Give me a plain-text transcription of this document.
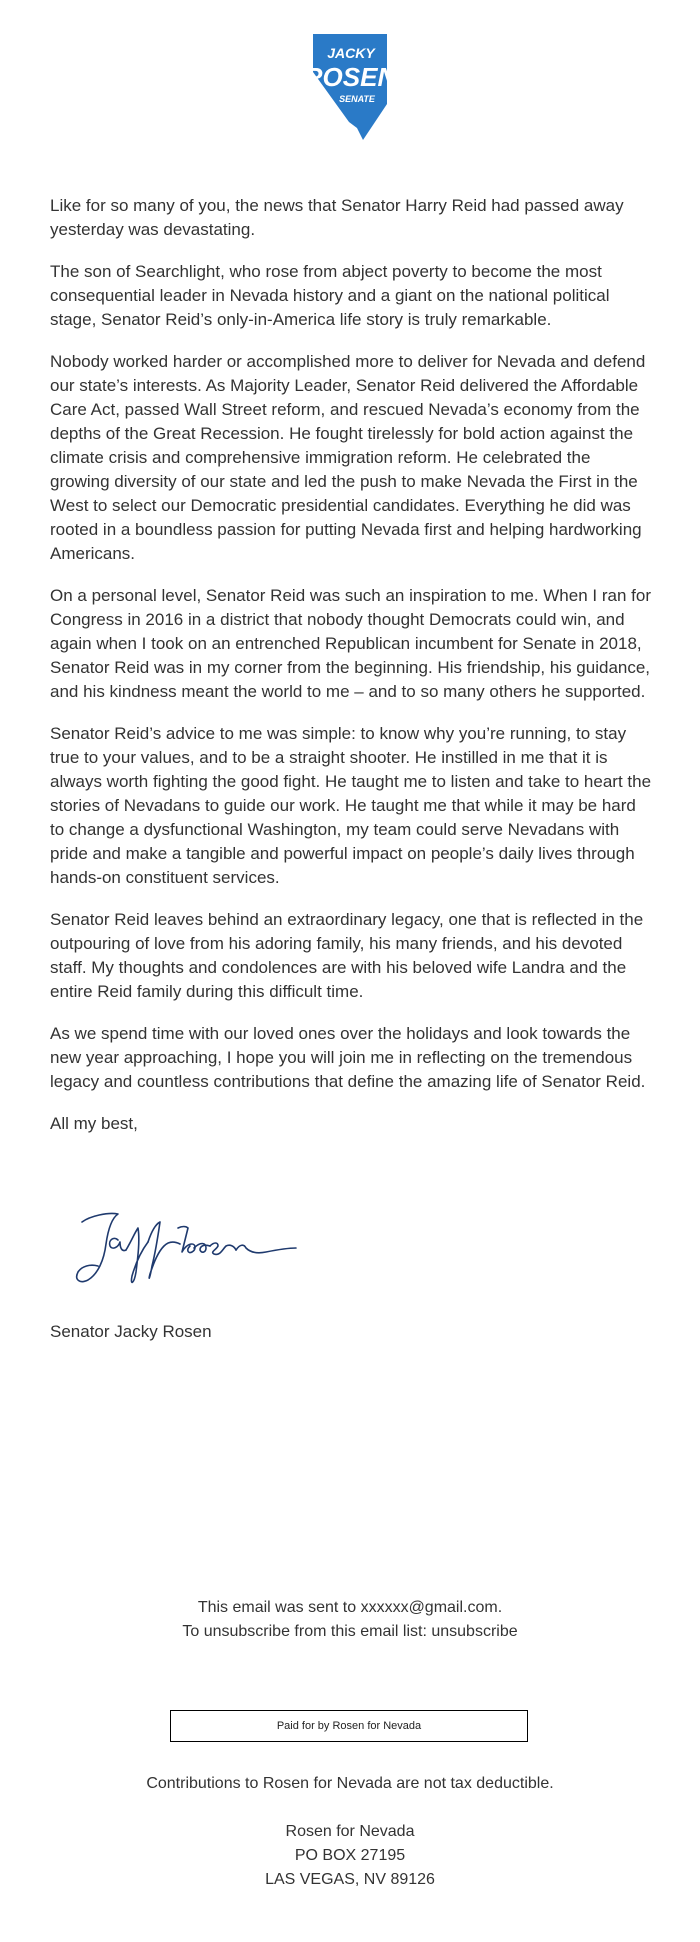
JACKY
ROSEN
SENATE

Like for so many of you, the news that Senator Harry Reid had passed away yesterday was devastating.

The son of Searchlight, who rose from abject poverty to become the most consequential leader in Nevada history and a giant on the national political stage, Senator Reid’s only-in-America life story is truly remarkable.

Nobody worked harder or accomplished more to deliver for Nevada and defend our state’s interests. As Majority Leader, Senator Reid delivered the Affordable Care Act, passed Wall Street reform, and rescued Nevada’s economy from the depths of the Great Recession. He fought tirelessly for bold action against the climate crisis and comprehensive immigration reform. He celebrated the growing diversity of our state and led the push to make Nevada the First in the West to select our Democratic presidential candidates. Everything he did was rooted in a boundless passion for putting Nevada first and helping hardworking Americans.

On a personal level, Senator Reid was such an inspiration to me. When I ran for Congress in 2016 in a district that nobody thought Democrats could win, and again when I took on an entrenched Republican incumbent for Senate in 2018, Senator Reid was in my corner from the beginning. His friendship, his guidance, and his kindness meant the world to me – and to so many others he supported.

Senator Reid’s advice to me was simple: to know why you’re running, to stay true to your values, and to be a straight shooter. He instilled in me that it is always worth fighting the good fight. He taught me to listen and take to heart the stories of Nevadans to guide our work. He taught me that while it may be hard to change a dysfunctional Washington, my team could serve Nevadans with pride and make a tangible and powerful impact on people’s daily lives through hands-on constituent services.

Senator Reid leaves behind an extraordinary legacy, one that is reflected in the outpouring of love from his adoring family, his many friends, and his devoted staff. My thoughts and condolences are with his beloved wife Landra and the entire Reid family during this difficult time.

As we spend time with our loved ones over the holidays and look towards the new year approaching, I hope you will join me in reflecting on the tremendous legacy and countless contributions that define the amazing life of Senator Reid.

All my best,

Senator Jacky Rosen

This email was sent to xxxxxx@gmail.com.
To unsubscribe from this email list: unsubscribe
Paid for by Rosen for Nevada
Contributions to Rosen for Nevada are not tax deductible.
Rosen for Nevada
PO BOX 27195
LAS VEGAS, NV 89126
